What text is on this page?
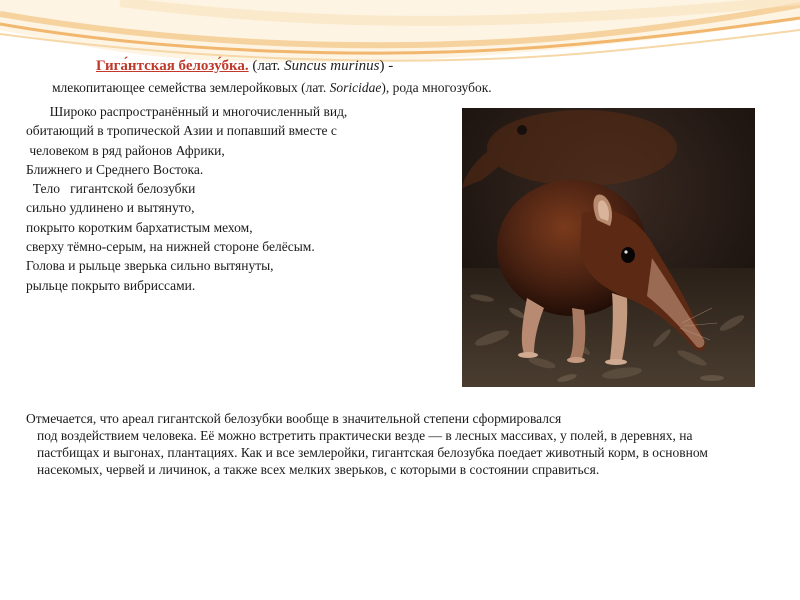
Гига́нтская белозу́бка. (лат. Suncus murinus) -
млекопитающее семейства землеройковых (лат. Soricidae), рода многозубок.

Широко распространённый и многочисленный вид,

обитающий в тропической Азии и попавший вместе с

человеком в ряд районов Африки,

Ближнего и Среднего Востока.

Тело   гигантской белозубки

сильно удлинено и вытянуто,

покрыто коротким бархатистым мехом,

сверху тёмно-серым, на нижней стороне белёсым.

Голова и рыльце зверька сильно вытянуты,

рыльце покрыто вибриссами.

Отмечается, что ареал гигантской белозубки вообще в значительной степени сформировался

под воздействием человека. Её можно встретить практически везде — в лесных массивах, у полей, в деревнях, на пастбищах и выгонах, плантациях. Как и все землеройки, гигантская белозубка поедает животный корм, в основном насекомых, червей и личинок, а также всех мелких зверьков, с которыми в состоянии справиться.
